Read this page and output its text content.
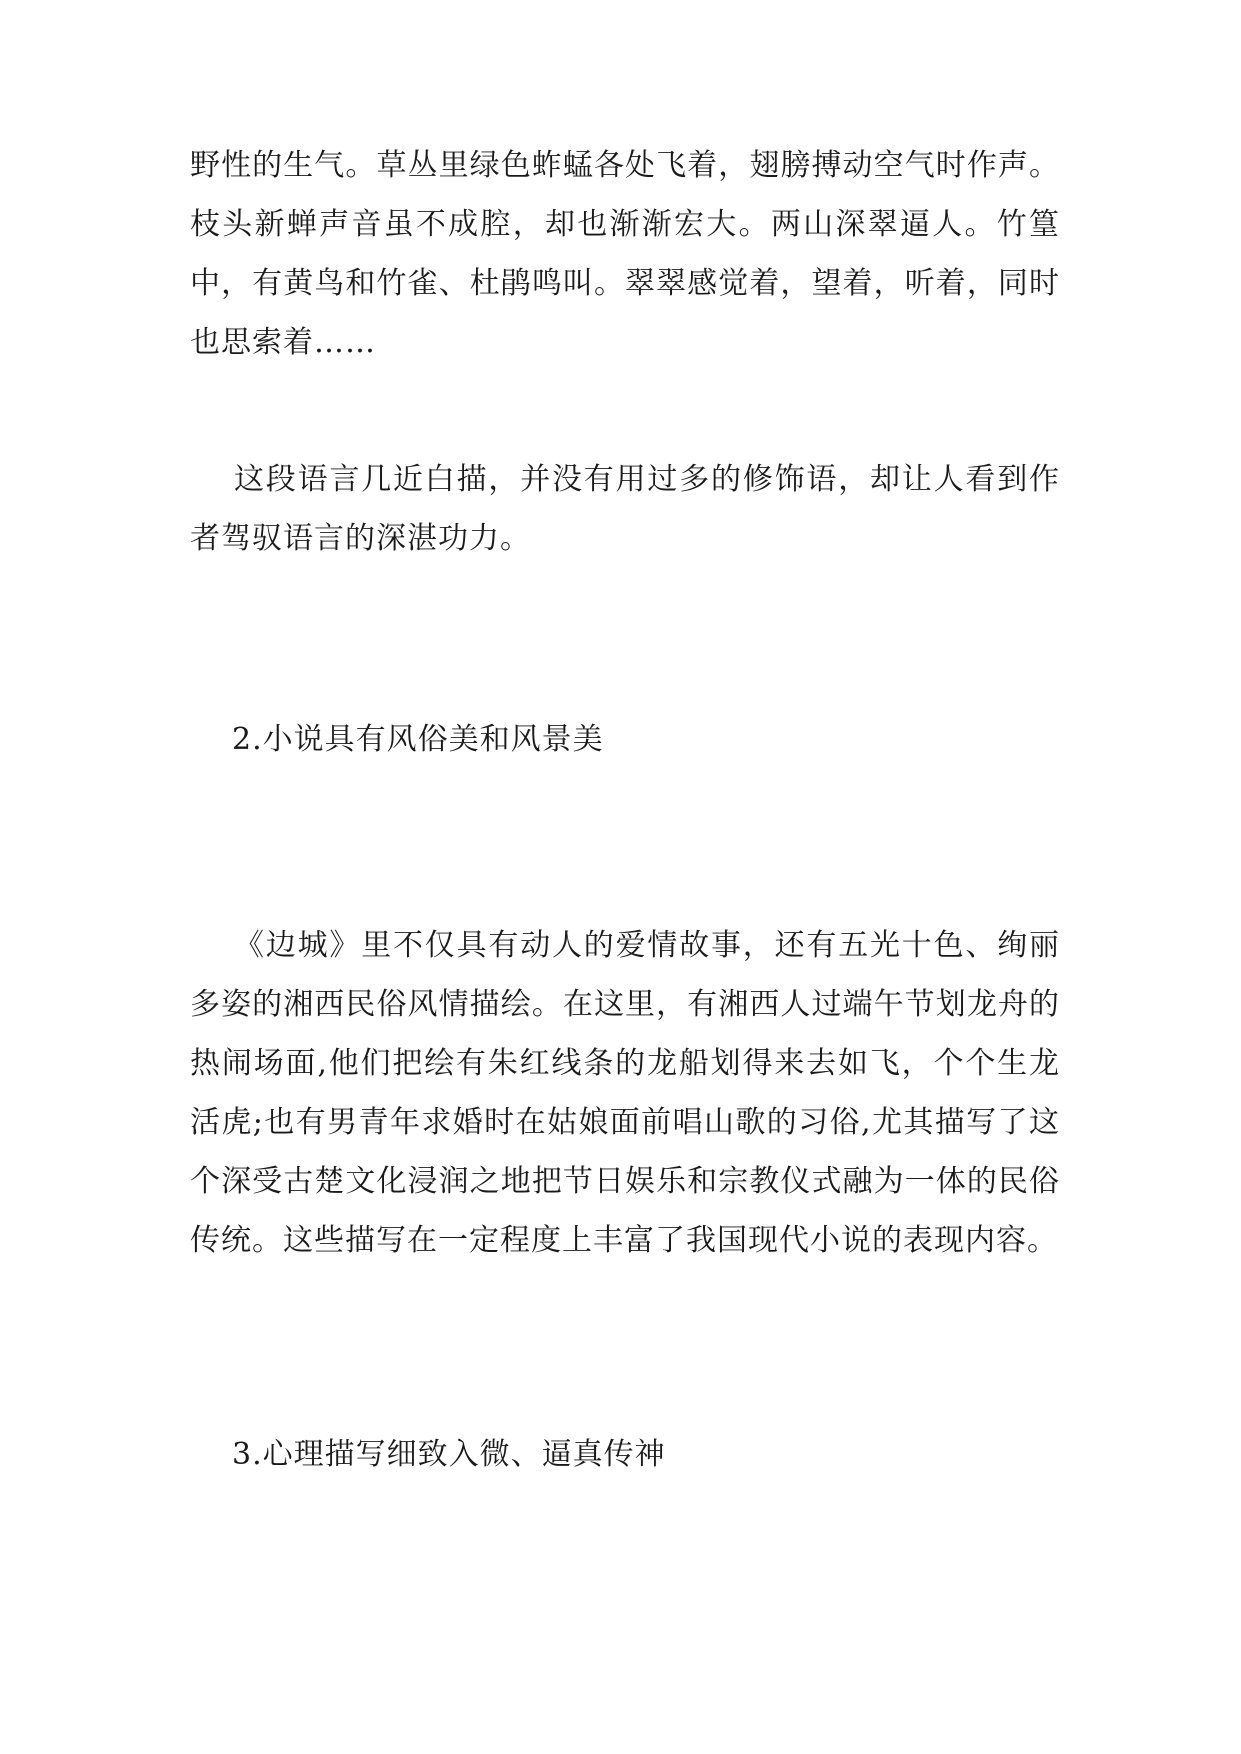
野性的生气。草丛里绿色蚱蜢各处飞着，翅膀搏动空气时作声。枝头新蝉声音虽不成腔，却也渐渐宏大。两山深翠逼人。竹篁中，有黄鸟和竹雀、杜鹃鸣叫。翠翠感觉着，望着，听着，同时也思索着……

这段语言几近白描，并没有用过多的修饰语，却让人看到作者驾驭语言的深湛功力。

2.小说具有风俗美和风景美

《边城》里不仅具有动人的爱情故事，还有五光十色、绚丽多姿的湘西民俗风情描绘。在这里，有湘西人过端午节划龙舟的热闹场面,他们把绘有朱红线条的龙船划得来去如飞，个个生龙活虎;也有男青年求婚时在姑娘面前唱山歌的习俗,尤其描写了这个深受古楚文化浸润之地把节日娱乐和宗教仪式融为一体的民俗传统。这些描写在一定程度上丰富了我国现代小说的表现内容。

3.心理描写细致入微、逼真传神
